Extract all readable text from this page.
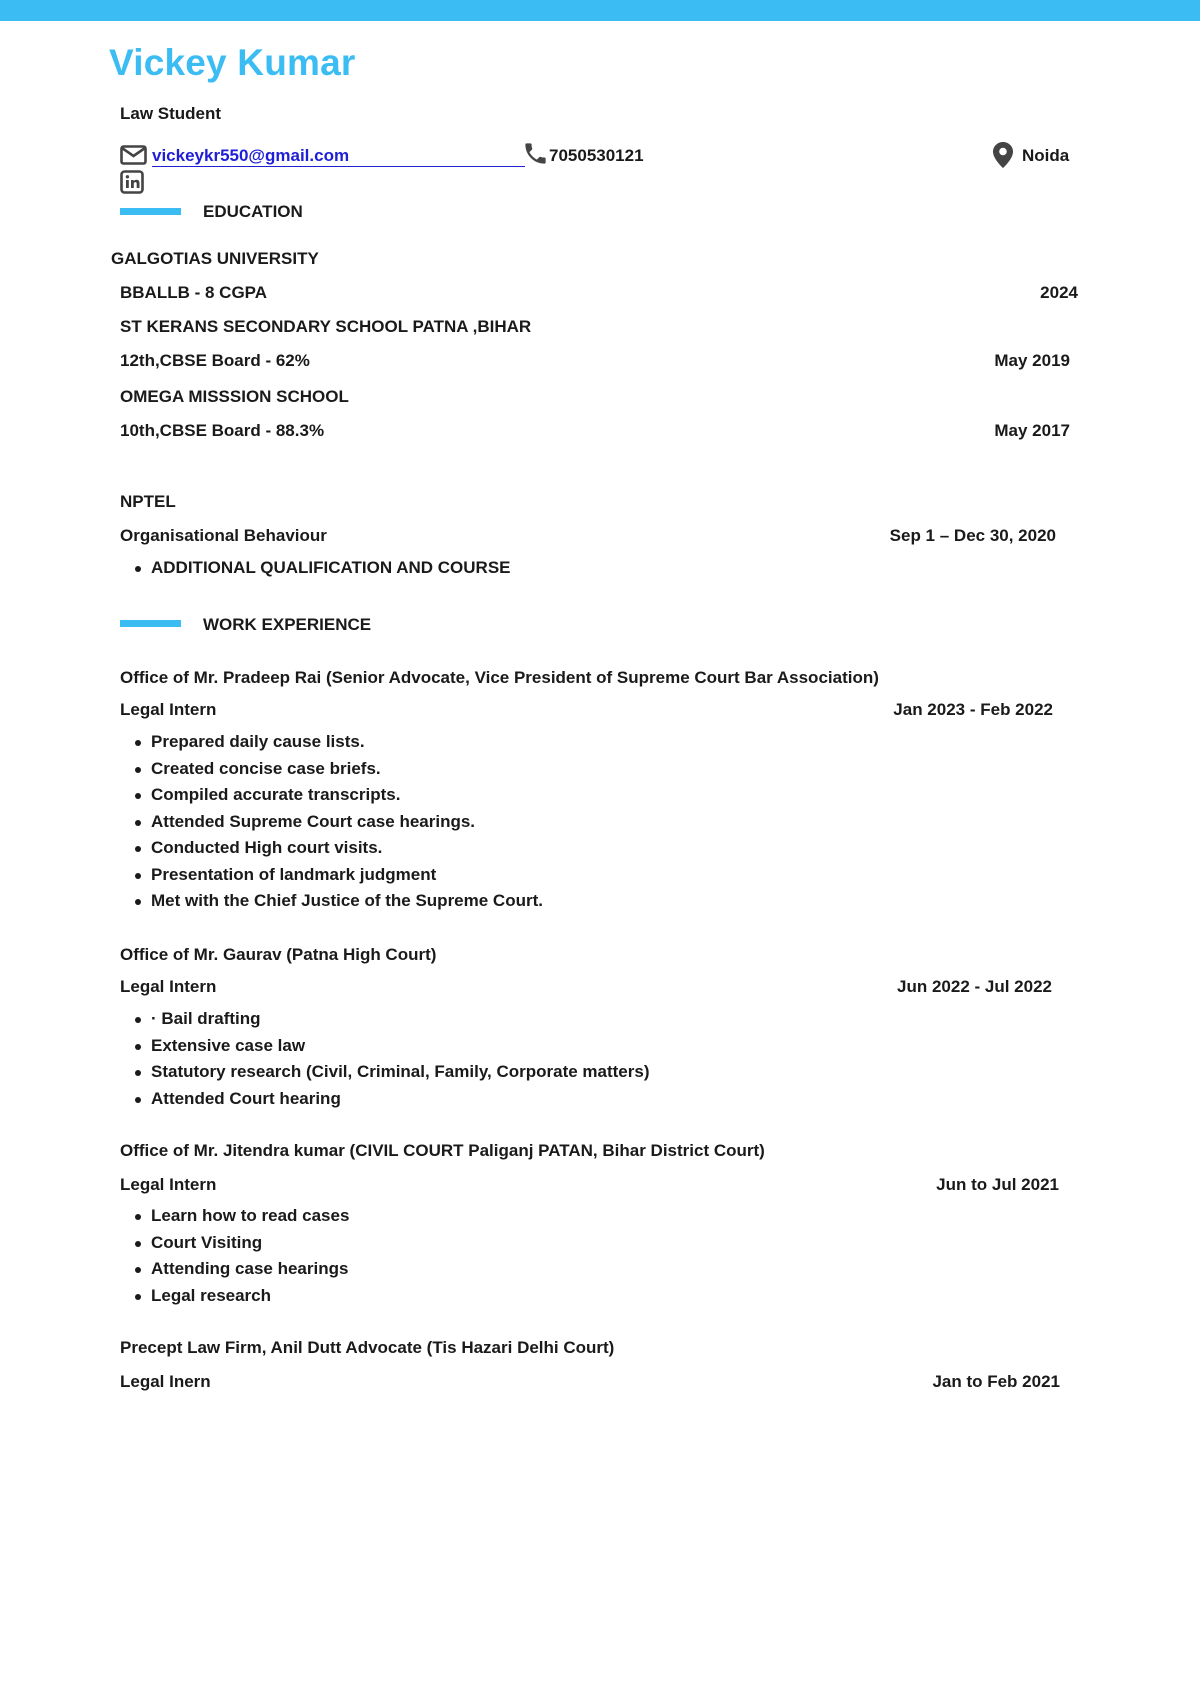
Vickey Kumar
Law Student
vickeykr550@gmail.com	7050530121	Noida
EDUCATION
GALGOTIAS UNIVERSITY
BBALLB - 8 CGPA	2024
ST KERANS SECONDARY SCHOOL PATNA ,BIHAR
12th,CBSE Board - 62%	May 2019
OMEGA MISSSION SCHOOL
10th,CBSE Board - 88.3%	May 2017
NPTEL
Organisational Behaviour	Sep 1 – Dec 30, 2020
ADDITIONAL QUALIFICATION AND COURSE
WORK EXPERIENCE
Office of Mr. Pradeep Rai (Senior Advocate, Vice President of Supreme Court Bar Association)
Legal Intern	Jan 2023 - Feb 2022
Prepared daily cause lists.
Created concise case briefs.
Compiled accurate transcripts.
Attended Supreme Court case hearings.
Conducted High court visits.
Presentation of landmark judgment
Met with the Chief Justice of the Supreme Court.
Office of Mr. Gaurav (Patna High Court)
Legal Intern	Jun 2022 - Jul 2022
· Bail drafting
Extensive case law
Statutory research (Civil, Criminal, Family, Corporate matters)
Attended Court hearing
Office of Mr. Jitendra kumar (CIVIL COURT Paliganj PATAN, Bihar District Court)
Legal Intern	Jun to Jul 2021
Learn how to read cases
Court Visiting
Attending case hearings
Legal research
Precept Law Firm, Anil Dutt Advocate (Tis Hazari Delhi Court)
Legal Inern	Jan to Feb 2021
